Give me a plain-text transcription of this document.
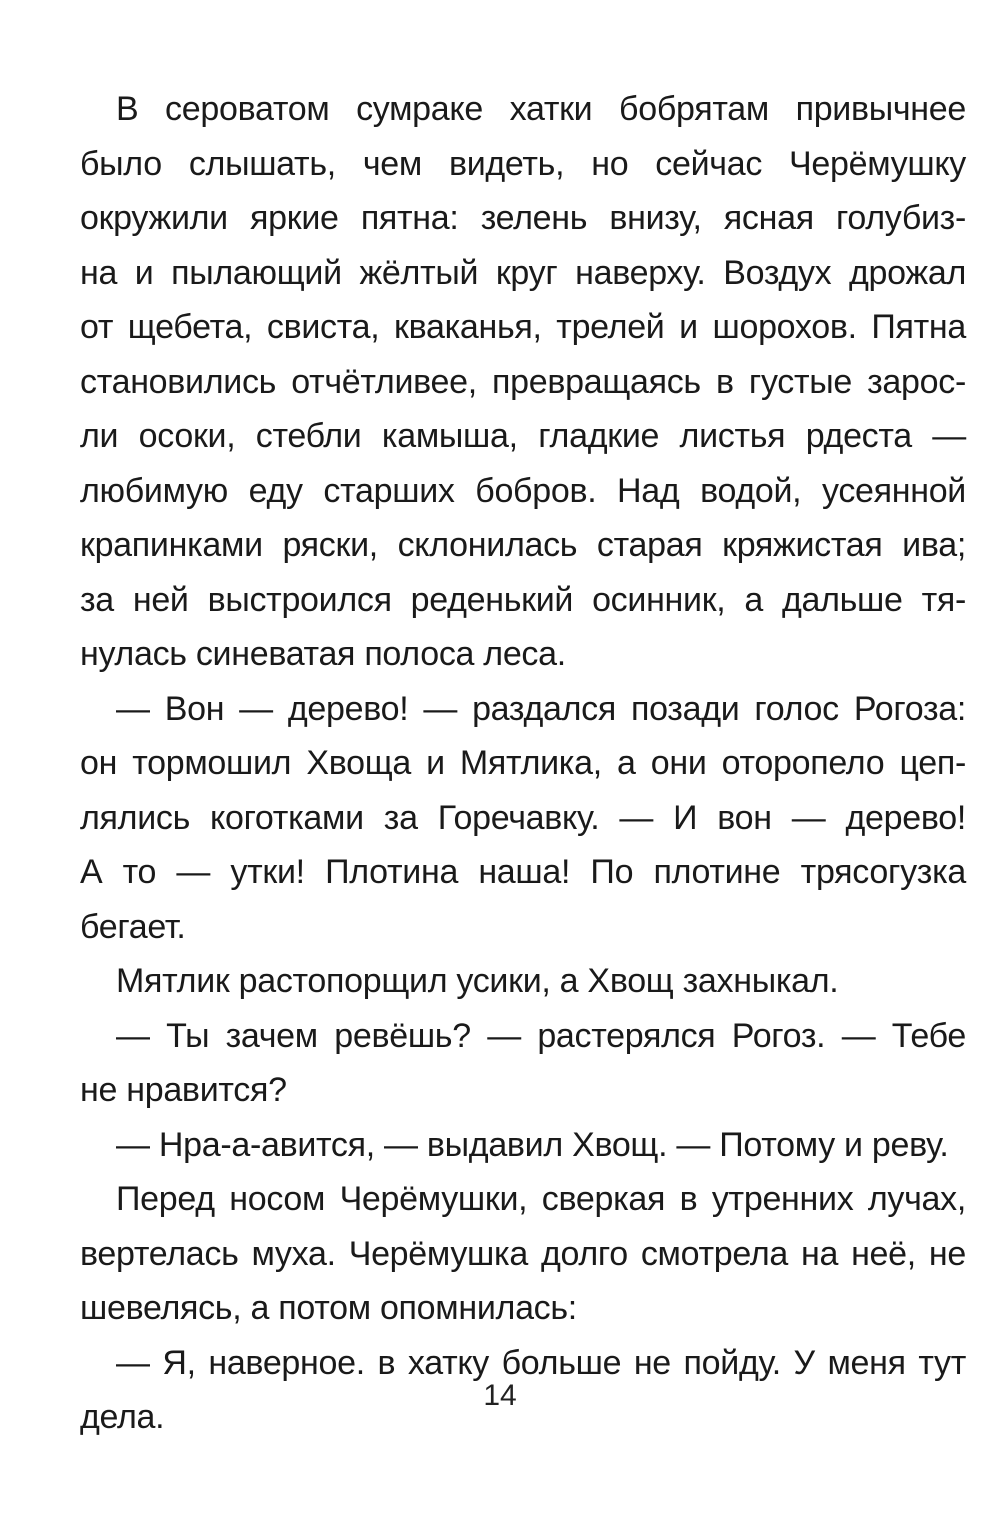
В сероватом сумраке хатки бобрятам привычнее
было слышать, чем видеть, но сейчас Черёмушку
окружили яркие пятна: зелень внизу, ясная голубиз-
на и пылающий жёлтый круг наверху. Воздух дрожал
от щебета, свиста, кваканья, трелей и шорохов. Пятна
становились отчётливее, превращаясь в густые зарос-
ли осоки, стебли камыша, гладкие листья рдеста —
любимую еду старших бобров. Над водой, усеянной
крапинками ряски, склонилась старая кряжистая ива;
за ней выстроился реденький осинник, а дальше тя-
нулась синеватая полоса леса.
— Вон — дерево! — раздался позади голос Рогоза:
он тормошил Хвоща и Мятлика, а они оторопело цеп-
лялись коготками за Горечавку. — И вон — дерево!
А то — утки! Плотина наша! По плотине трясогузка
бегает.
Мятлик растопорщил усики, а Хвощ захныкал.
— Ты зачем ревёшь? — растерялся Рогоз. — Тебе
не нравится?
— Нра-а-авится, — выдавил Хвощ. — Потому и реву.
Перед носом Черёмушки, сверкая в утренних лучах,
вертелась муха. Черёмушка долго смотрела на неё, не
шевелясь, а потом опомнилась:
— Я, наверное. в хатку больше не пойду. У меня тут
дела.
14
